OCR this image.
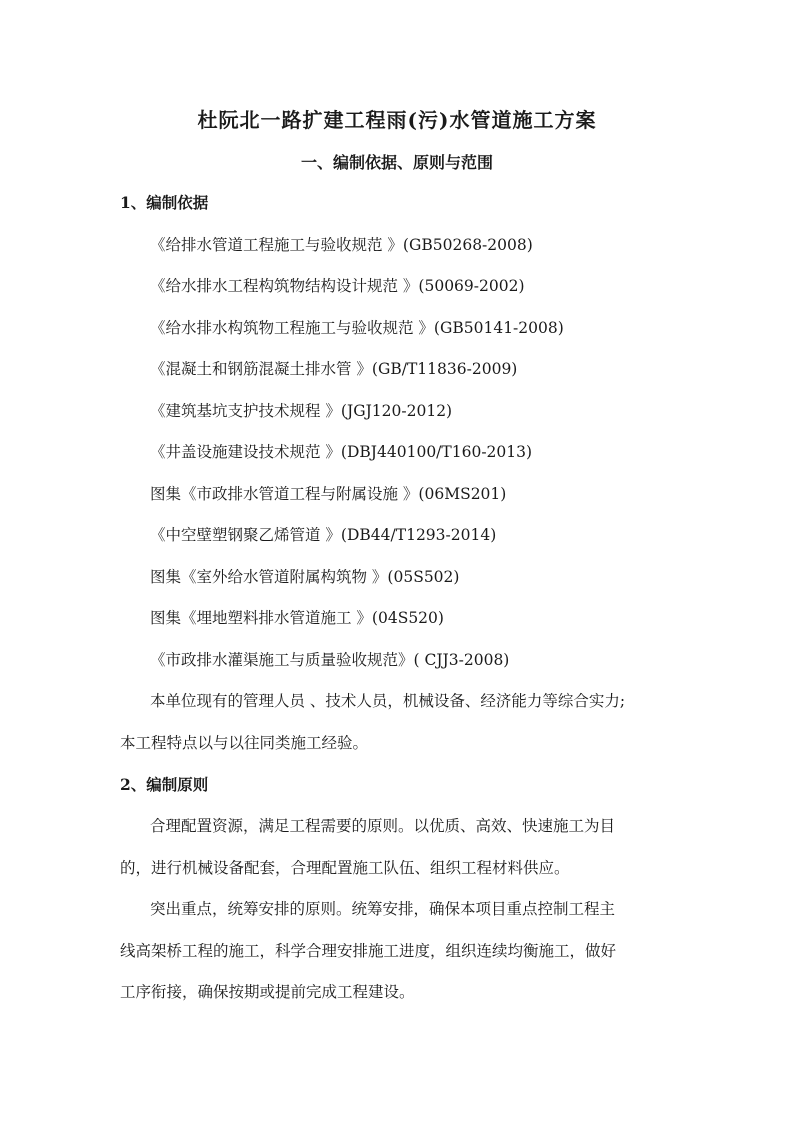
杜阮北一路扩建工程雨(污)水管道施工方案
一、编制依据、原则与范围
1、编制依据
《给排水管道工程施工与验收规范 》(GB50268-2008)
《给水排水工程构筑物结构设计规范 》(50069-2002)
《给水排水构筑物工程施工与验收规范 》(GB50141-2008)
《混凝土和钢筋混凝土排水管 》(GB/T11836-2009)
《建筑基坑支护技术规程 》(JGJ120-2012)
《井盖设施建设技术规范 》(DBJ440100/T160-2013)
图集《市政排水管道工程与附属设施 》(06MS201)
《中空壁塑钢聚乙烯管道 》(DB44/T1293-2014)
图集《室外给水管道附属构筑物 》(05S502)
图集《埋地塑料排水管道施工 》(04S520)
《市政排水灌渠施工与质量验收规范》( CJJ3-2008)
本单位现有的管理人员 、技术人员，机械设备、经济能力等综合实力;
本工程特点以与以往同类施工经验。
2、编制原则
合理配置资源，满足工程需要的原则。以优质、高效、快速施工为目
的，进行机械设备配套，合理配置施工队伍、组织工程材料供应。
突出重点，统筹安排的原则。统筹安排，确保本项目重点控制工程主
线高架桥工程的施工，科学合理安排施工进度，组织连续均衡施工，做好
工序衔接，确保按期或提前完成工程建设。
